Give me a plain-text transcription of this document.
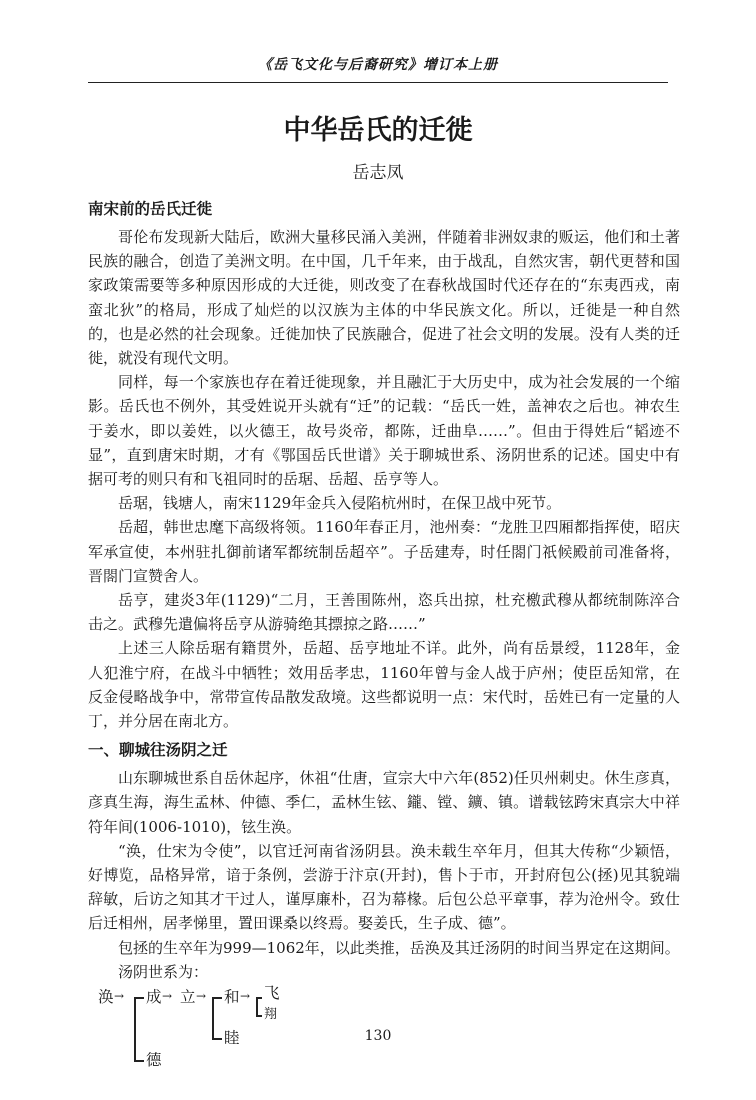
《岳飞文化与后裔研究》增订本上册
中华岳氏的迁徙
岳志凤
南宋前的岳氏迁徙

哥伦布发现新大陆后，欧洲大量移民涌入美洲，伴随着非洲奴隶的贩运，他们和土著民族的融合，创造了美洲文明。在中国，几千年来，由于战乱，自然灾害，朝代更替和国家政策需要等多种原因形成的大迁徙，则改变了在春秋战国时代还存在的“东夷西戎，南蛮北狄”的格局，形成了灿烂的以汉族为主体的中华民族文化。所以，迁徙是一种自然的，也是必然的社会现象。迁徙加快了民族融合，促进了社会文明的发展。没有人类的迁徙，就没有现代文明。

同样，每一个家族也存在着迁徙现象，并且融汇于大历史中，成为社会发展的一个缩影。岳氏也不例外，其受姓说开头就有“迁”的记载：“岳氏一姓，盖神农之后也。神农生于姜水，即以姜姓，以火德王，故号炎帝，都陈，迁曲阜……”。但由于得姓后“韬迹不显”，直到唐宋时期，才有《鄂国岳氏世谱》关于聊城世系、汤阴世系的记述。国史中有据可考的则只有和飞祖同时的岳琚、岳超、岳亨等人。

岳琚，钱塘人，南宋1129年金兵入侵陷杭州时，在保卫战中死节。

岳超，韩世忠麾下高级将领。1160年春正月，池州奏：“龙胜卫四厢都指挥使，昭庆军承宣使，本州驻扎御前诸军都统制岳超卒”。子岳建寿，时任閤门祇候殿前司准备将，晋閤门宣赞舍人。

岳亨，建炎3年(1129)“二月，王善围陈州，恣兵出掠，杜充檄武穆从都统制陈淬合击之。武穆先遣偏将岳亨从游骑绝其摽掠之路……”

上述三人除岳琚有籍贯外，岳超、岳亨地址不详。此外，尚有岳景绶，1128年，金人犯淮宁府，在战斗中牺牲；效用岳孝忠，1160年曾与金人战于庐州；使臣岳知常，在反金侵略战争中，常带宣传品散发敌境。这些都说明一点：宋代时，岳姓已有一定量的人丁，并分居在南北方。

一、聊城往汤阴之迁

山东聊城世系自岳休起序，休祖“仕唐，宣宗大中六年(852)任贝州刺史。休生彦真，彦真生海，海生孟林、仲德、季仁，孟林生铉、鑨、镗、鑛、镇。谱载铉跨宋真宗大中祥符年间(1006-1010)，铉生涣。

“涣，仕宋为令使”，以官迁河南省汤阴县。涣未载生卒年月，但其大传称“少颖悟，好博览，品格异常，谙于条例，尝游于汴京(开封)，售卜于市，开封府包公(拯)见其貌端辞敏，后访之知其才干过人，谨厚廉朴，召为幕椽。后包公总平章事，荐为沧州令。致仕后迁相州，居孝悌里，置田课桑以终焉。娶姜氏，生子成、德”。

包拯的生卒年为999—1062年，以此类推，岳涣及其迁汤阴的时间当界定在这期间。

汤阴世系为：

涣 → 成 → 立 → 和 → 飞
翔
睦
德
130
